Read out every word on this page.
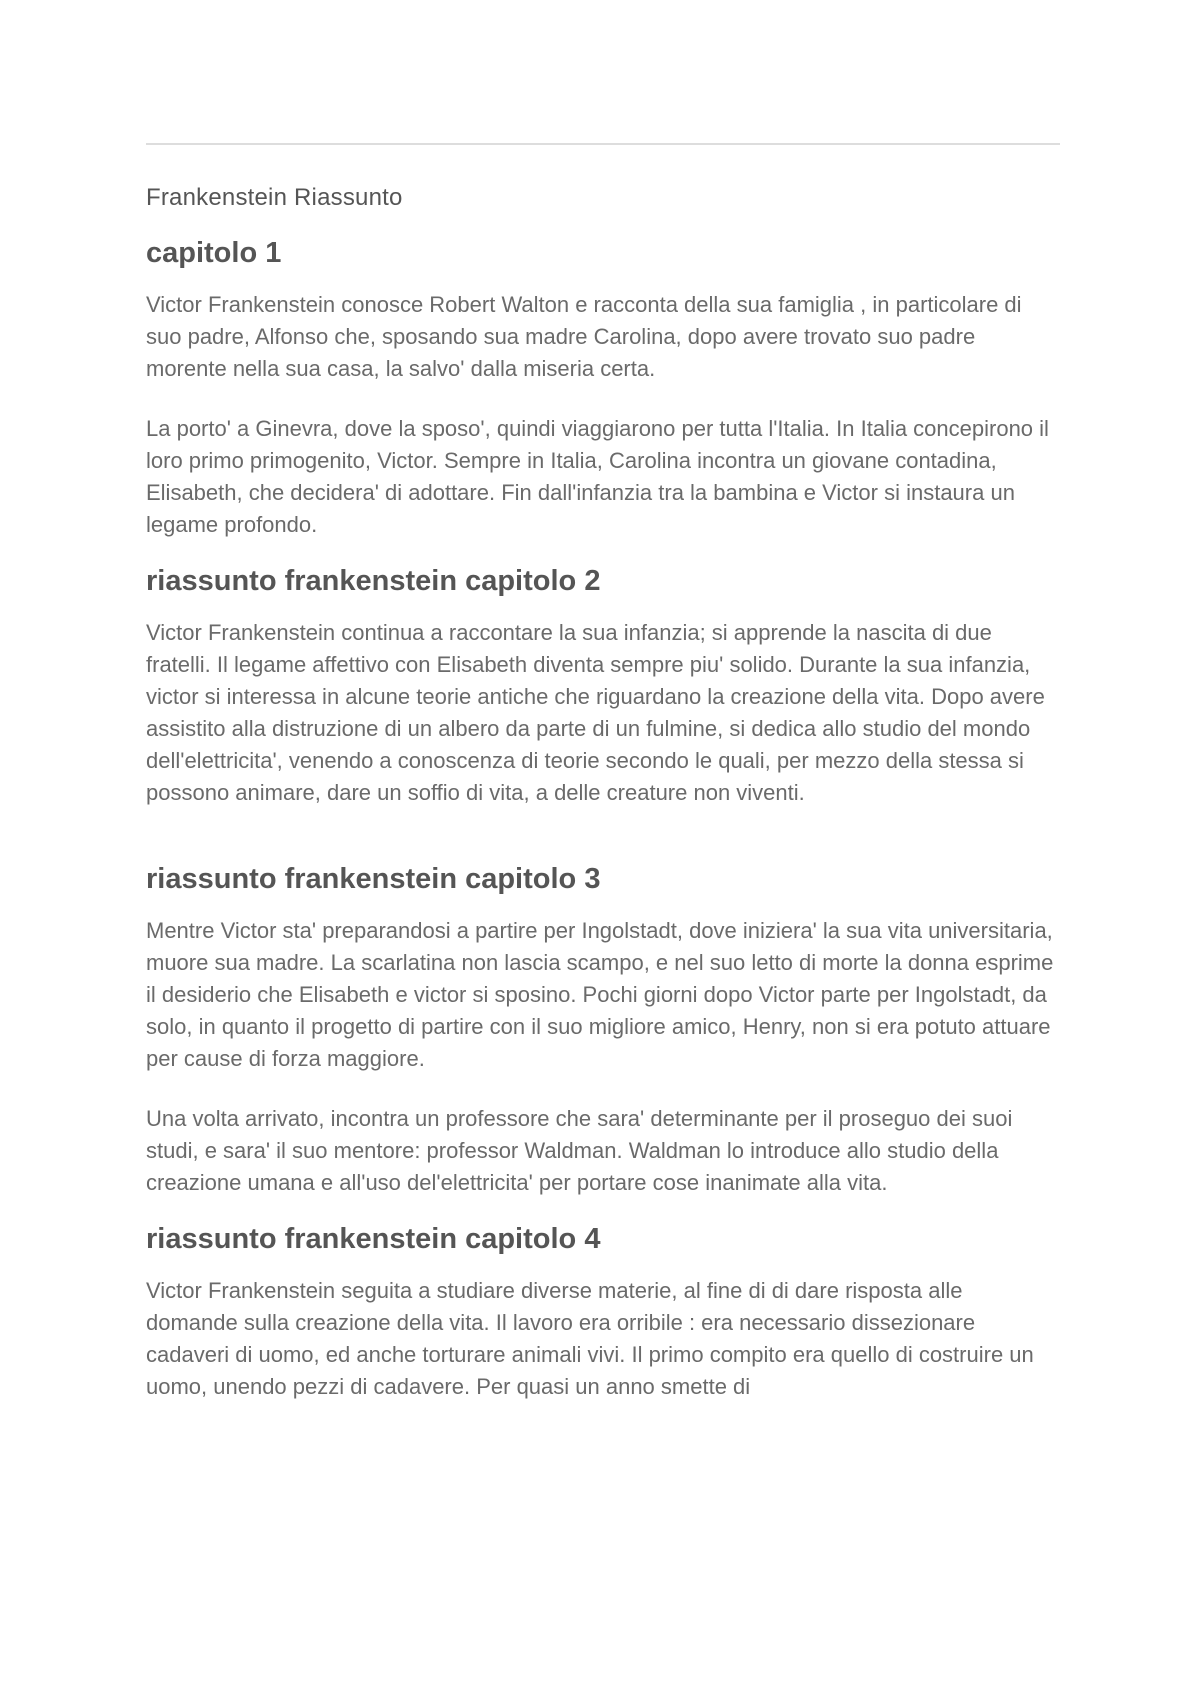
Frankenstein Riassunto
capitolo 1

Victor Frankenstein conosce Robert Walton e racconta della sua famiglia , in particolare di suo padre, Alfonso che, sposando sua madre Carolina, dopo avere trovato suo padre morente nella sua casa, la salvo' dalla miseria certa.

La porto' a Ginevra, dove la sposo', quindi viaggiarono per tutta l'Italia. In Italia concepirono il loro primo primogenito, Victor. Sempre in Italia, Carolina incontra un giovane contadina, Elisabeth, che decidera' di adottare. Fin dall'infanzia tra la bambina e Victor si instaura un legame profondo.

riassunto frankenstein capitolo 2

Victor Frankenstein continua a raccontare la sua infanzia; si apprende la nascita di due fratelli. Il legame affettivo con Elisabeth diventa sempre piu' solido. Durante la sua infanzia, victor si interessa in alcune teorie antiche che riguardano la creazione della vita. Dopo avere assistito alla distruzione di un albero da parte di un fulmine, si dedica allo studio del mondo dell'elettricita', venendo a conoscenza di teorie secondo le quali, per mezzo della stessa si possono animare, dare un soffio di vita, a delle creature non viventi.

riassunto frankenstein capitolo 3

Mentre Victor sta' preparandosi a partire per Ingolstadt, dove iniziera' la sua vita universitaria, muore sua madre. La scarlatina non lascia scampo, e nel suo letto di morte la donna esprime il desiderio che Elisabeth e victor si sposino. Pochi giorni dopo Victor parte per Ingolstadt, da solo, in quanto il progetto di partire con il suo migliore amico, Henry, non si era potuto attuare per cause di forza maggiore.

Una volta arrivato, incontra un professore che sara' determinante per il proseguo dei suoi studi, e sara' il suo mentore: professor Waldman. Waldman lo introduce allo studio della creazione umana e all'uso del'elettricita' per portare cose inanimate alla vita.

riassunto frankenstein capitolo 4

Victor Frankenstein seguita a studiare diverse materie, al fine di di dare risposta alle domande sulla creazione della vita. Il lavoro era orribile : era necessario dissezionare cadaveri di uomo, ed anche torturare animali vivi. Il primo compito era quello di costruire un uomo, unendo pezzi di cadavere. Per quasi un anno smette di
